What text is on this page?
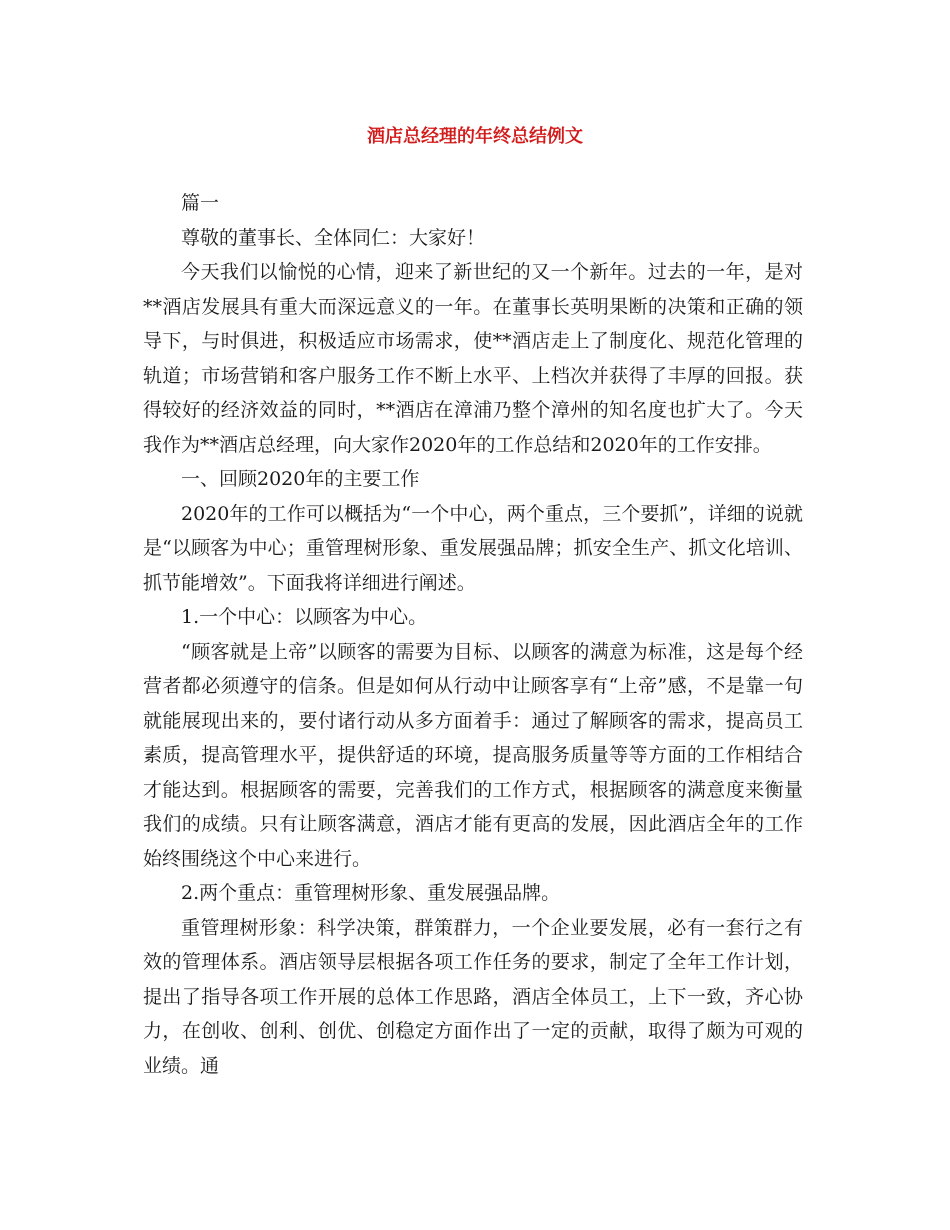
酒店总经理的年终总结例文

篇一

尊敬的董事长、全体同仁：大家好！

今天我们以愉悦的心情，迎来了新世纪的又一个新年。过去的一年，是对**酒店发展具有重大而深远意义的一年。在董事长英明果断的决策和正确的领导下，与时俱进，积极适应市场需求，使**酒店走上了制度化、规范化管理的轨道；市场营销和客户服务工作不断上水平、上档次并获得了丰厚的回报。获得较好的经济效益的同时，**酒店在漳浦乃整个漳州的知名度也扩大了。今天我作为**酒店总经理，向大家作2020年的工作总结和2020年的工作安排。

一、回顾2020年的主要工作

2020年的工作可以概括为“一个中心，两个重点，三个要抓”，详细的说就是“以顾客为中心；重管理树形象、重发展强品牌；抓安全生产、抓文化培训、抓节能增效”。下面我将详细进行阐述。

1.一个中心：以顾客为中心。

“顾客就是上帝”以顾客的需要为目标、以顾客的满意为标准，这是每个经营者都必须遵守的信条。但是如何从行动中让顾客享有“上帝”感，不是靠一句就能展现出来的，要付诸行动从多方面着手：通过了解顾客的需求，提高员工素质，提高管理水平，提供舒适的环境，提高服务质量等等方面的工作相结合才能达到。根据顾客的需要，完善我们的工作方式，根据顾客的满意度来衡量我们的成绩。只有让顾客满意，酒店才能有更高的发展，因此酒店全年的工作始终围绕这个中心来进行。

2.两个重点：重管理树形象、重发展强品牌。

重管理树形象：科学决策，群策群力，一个企业要发展，必有一套行之有效的管理体系。酒店领导层根据各项工作任务的要求，制定了全年工作计划，提出了指导各项工作开展的总体工作思路，酒店全体员工，上下一致，齐心协力，在创收、创利、创优、创稳定方面作出了一定的贡献，取得了颇为可观的业绩。通
